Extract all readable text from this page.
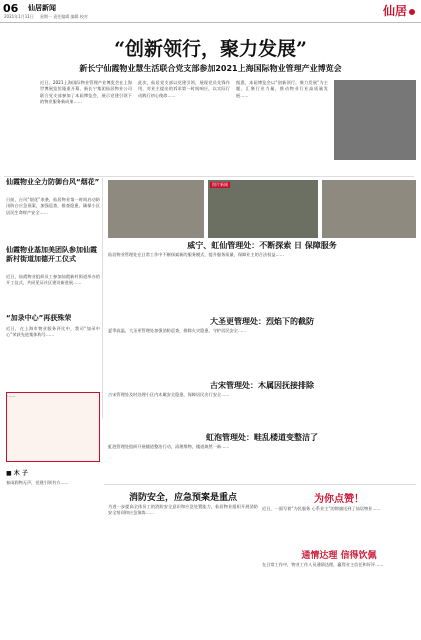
06 仙居新闻
2021年1月11日 星期一 责任编辑 编辑 校对	仙居
“创新领行，聚力发展”
新长宁仙霞物业慧生活联合党支部参加2021上海国际物业管理产业博览会
近日，2021上海国际物业管理产业博览会在上海世博展览馆隆重开幕，新长宁集团仙居物业公司联合党支部参加了本届博览会，展示党建引领下的物业服务新成果……
此次，仙居党支部以党建引领，展现党员先锋作用，对业主提出的诉求第一时间响应，以实际行动践行初心使命……
据悉，本届博览会以“创新领行，聚力发展”为主题，汇聚行业力量，推动物业行业高质量发展……
仙霞物业全力防御台风“烟花”
日前，台风“烟花”来袭，仙居物业第一时间启动防汛防台应急预案，加强巡查，排查隐患，确保小区居民生命财产安全……
仙霞物业基加美团队参加仙霞新村街道加德开工仪式
近日，仙霞物业组织员工参加仙霞新村街道举办的开工仪式，共同见证社区建设新进展……
“加录中心”再获殊荣
近日，在上海市物业服务评比中，我司“加录中心”荣获先进集体称号……
……
■ 木 子
春雨润物无声，党建引领有方……
图片新闻
威宁、虹仙管理处：不断探索 日 保障服务
仙居物业管理处在日常工作中不断探索新的服务模式，提升服务质量，保障业主的合法权益……
大圣更管理处：烈焰下的截防
夏季高温，大圣更管理处加强消防巡查，排除火灾隐患，守护居民安全……
古宋管理处：木属因抚接排除
古宋管理处及时处理小区内木属安全隐患，保障居民出行安全……
虹泡管理处：畦乱楼道变整洁了
虹泡管理处组织开展楼道整治行动，清理堆物，楼道焕然一新……
消防安全，应急预案是重点
为进一步提高全体员工的消防安全意识和应急处置能力，仙居物业组织开展消防安全培训和应急演练……
为你点赞！
近日，一面写着“为民服务 心系业主”的锦旗送到了仙居物业……
通情达理 信得饮佩
在日常工作中，物业工作人员通情达理，赢得业主信任和好评……
